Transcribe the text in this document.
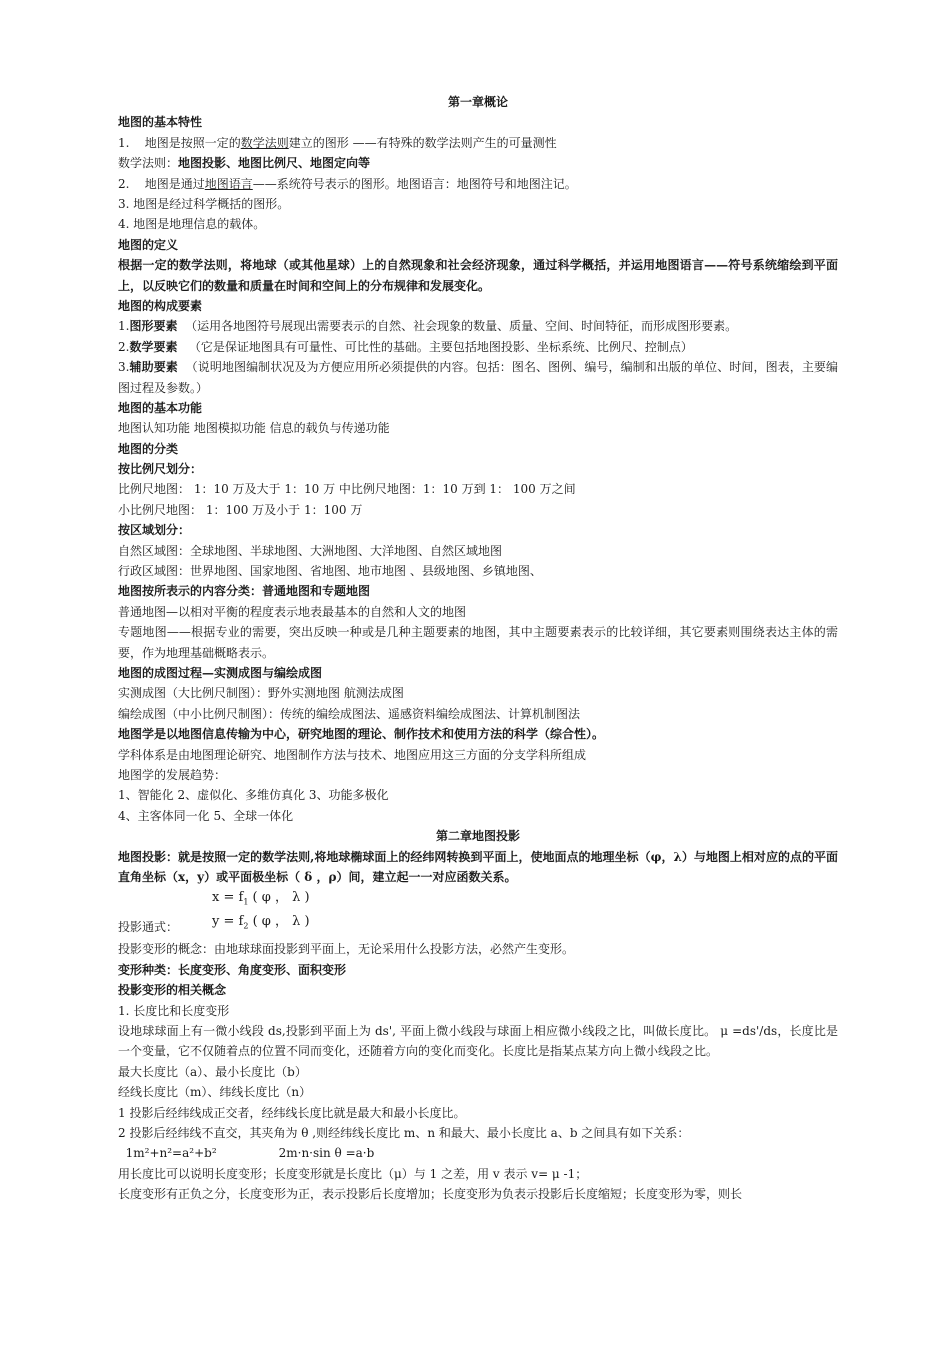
第一章概论
地图的基本特性
1. 地图是按照一定的数学法则建立的图形 ——有特殊的数学法则产生的可量测性
数学法则：地图投影、地图比例尺、地图定向等
2. 地图是通过地图语言——系统符号表示的图形。地图语言：地图符号和地图注记。
3. 地图是经过科学概括的图形。
4. 地图是地理信息的载体。
地图的定义
根据一定的数学法则，将地球（或其他星球）上的自然现象和社会经济现象，通过科学概括，并运用地图语言——符号系统缩绘到平面上，以反映它们的数量和质量在时间和空间上的分布规律和发展变化。
地图的构成要素
1.图形要素 （运用各地图符号展现出需要表示的自然、社会现象的数量、质量、空间、时间特征，而形成图形要素。
2.数学要素 （它是保证地图具有可量性、可比性的基础。主要包括地图投影、坐标系统、比例尺、控制点）
3.辅助要素 （说明地图编制状况及为方便应用所必须提供的内容。包括：图名、图例、编号，编制和出版的单位、时间，图表，主要编图过程及参数。）
地图的基本功能
地图认知功能 地图模拟功能 信息的载负与传递功能
地图的分类
按比例尺划分：
比例尺地图： 1：10 万及大于 1：10 万 中比例尺地图：1：10 万到 1： 100 万之间
小比例尺地图： 1：100 万及小于 1：100 万
按区域划分：
自然区域图：全球地图、半球地图、大洲地图、大洋地图、自然区域地图
行政区域图：世界地图、国家地图、省地图、地市地图 、县级地图、乡镇地图、
地图按所表示的内容分类：普通地图和专题地图
普通地图—以相对平衡的程度表示地表最基本的自然和人文的地图
专题地图——根据专业的需要，突出反映一种或是几种主题要素的地图，其中主题要素表示的比较详细，其它要素则围绕表达主体的需要，作为地理基础概略表示。
地图的成图过程—实测成图与编绘成图
实测成图（大比例尺制图）：野外实测地图 航测法成图
编绘成图（中小比例尺制图）：传统的编绘成图法、遥感资料编绘成图法、计算机制图法
地图学是以地图信息传输为中心，研究地图的理论、制作技术和使用方法的科学（综合性）。
学科体系是由地图理论研究、地图制作方法与技术、地图应用这三方面的分支学科所组成
地图学的发展趋势：
1、智能化 2、虚似化、多维仿真化 3、功能多极化
4、主客体同一化 5、全球一体化
第二章地图投影
地图投影：就是按照一定的数学法则,将地球椭球面上的经纬网转换到平面上，使地面点的地理坐标（φ，λ）与地图上相对应的点的平面直角坐标（x，y）或平面极坐标（ δ ，ρ）间，建立起一一对应函数关系。
$x = f_1$ ( φ ， λ )
$y = f_2$ ( φ ， λ )
投影通式：
投影变形的概念：由地球球面投影到平面上，无论采用什么投影方法，必然产生变形。
变形种类：长度变形、角度变形、面积变形
投影变形的相关概念
1. 长度比和长度变形
设地球球面上有一微小线段 ds,投影到平面上为 ds', 平面上微小线段与球面上相应微小线段之比，叫做长度比。 μ =ds'/ds，长度比是一个变量，它不仅随着点的位置不同而变化，还随着方向的变化而变化。长度比是指某点某方向上微小线段之比。
最大长度比（a）、最小长度比（b）
经线长度比（m）、纬线长度比（n）
1 投影后经纬线成正交者，经纬线长度比就是最大和最小长度比。
2 投影后经纬线不直交，其夹角为 θ ,则经纬线长度比 m、n 和最大、最小长度比 a、b 之间具有如下关系：
1m²+n²=a²+b²	2m·n·sin θ =a·b
用长度比可以说明长度变形；长度变形就是长度比（μ）与 1 之差，用 v 表示 v= μ -1；
长度变形有正负之分，长度变形为正，表示投影后长度增加；长度变形为负表示投影后长度缩短；长度变形为零，则长
